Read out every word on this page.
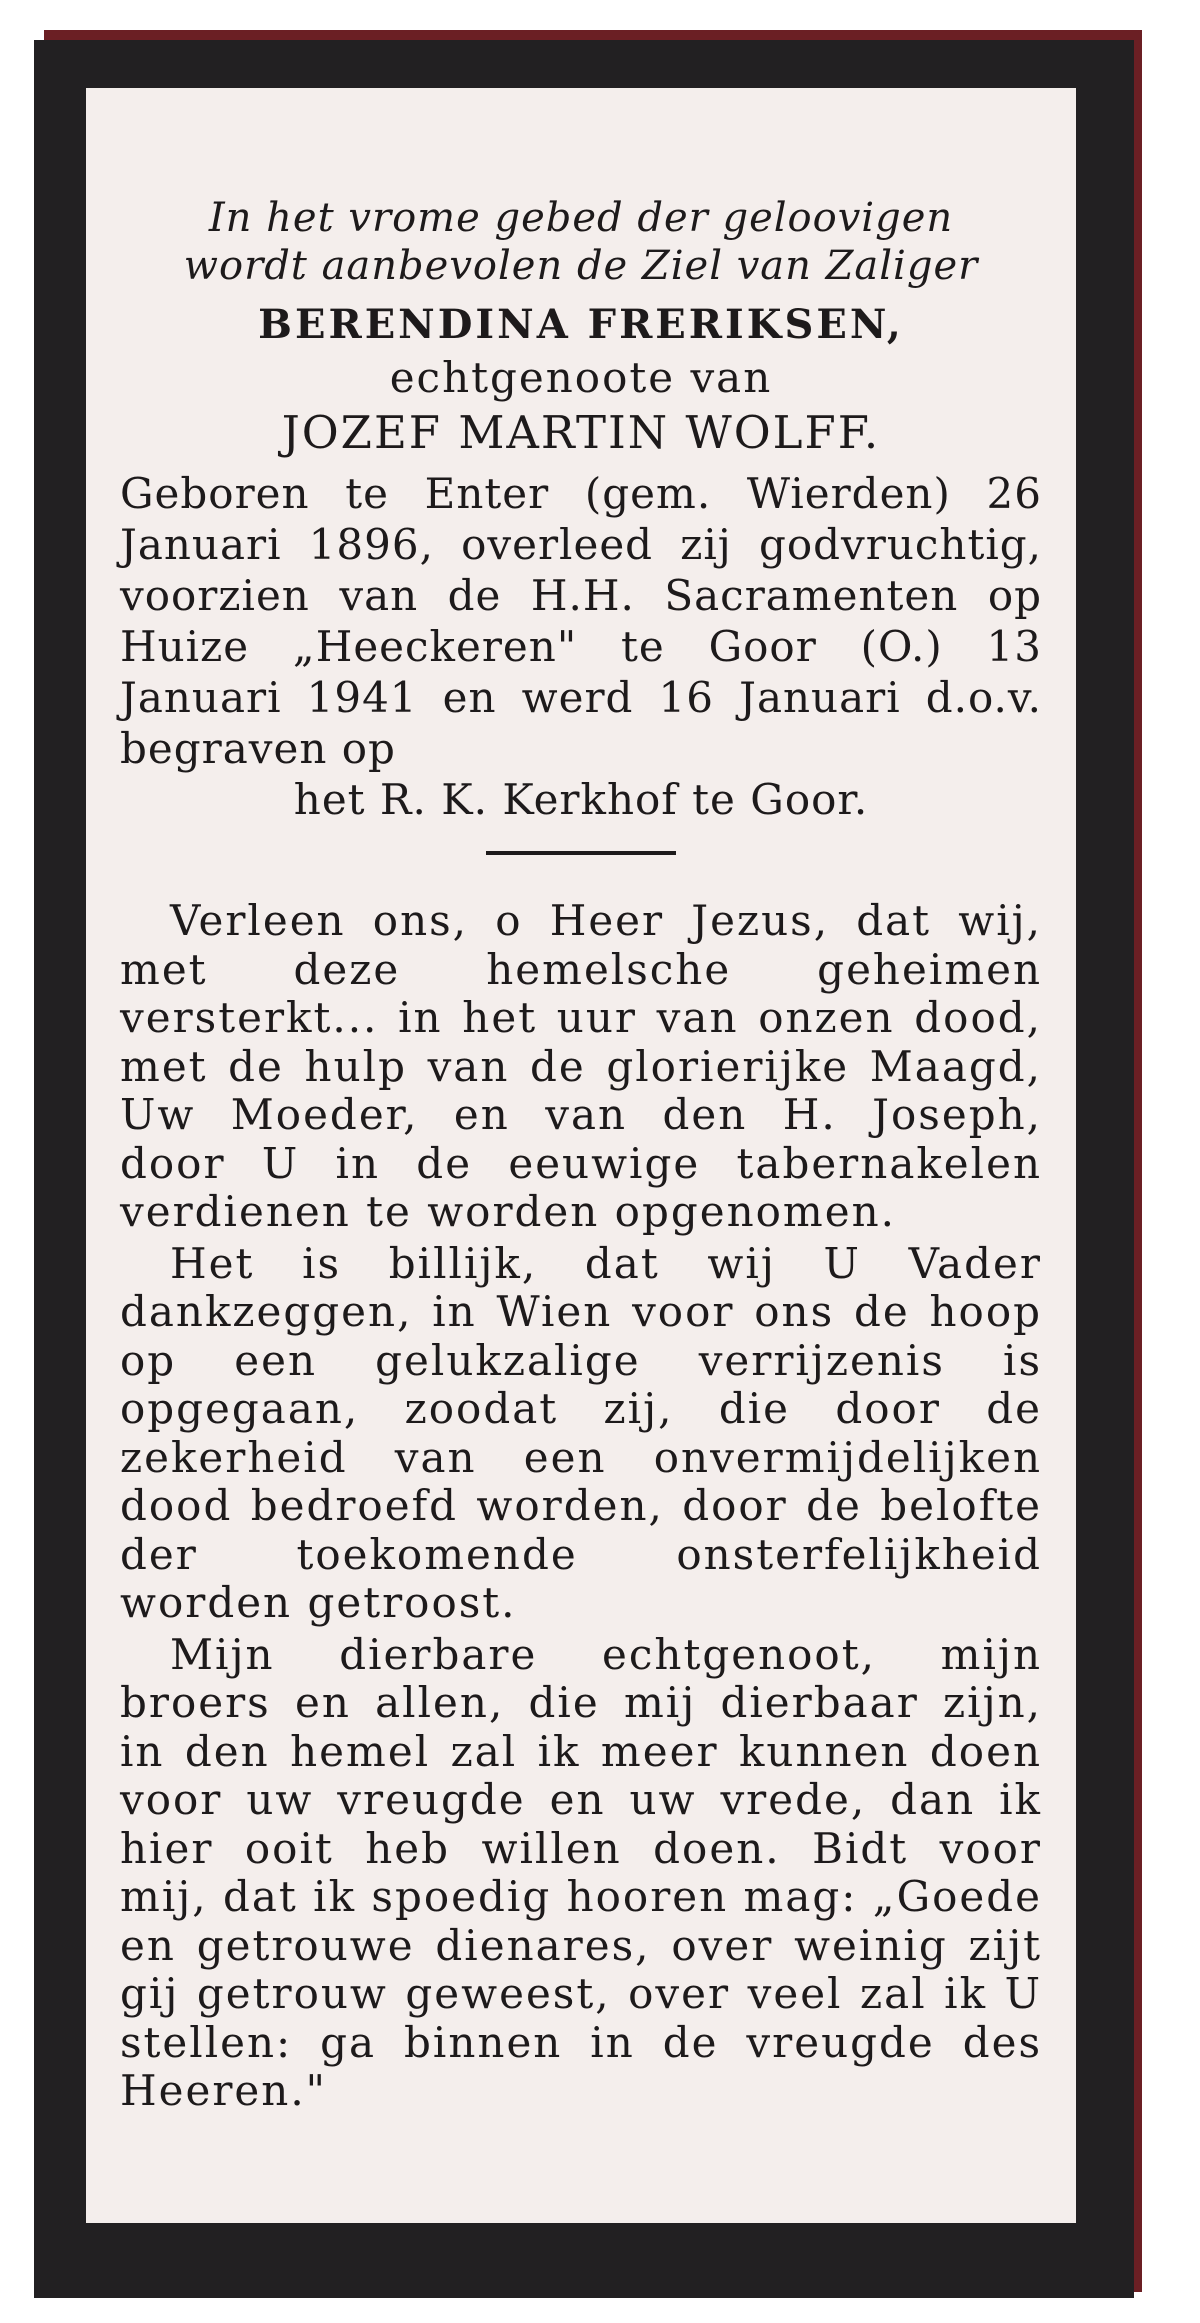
In het vrome gebed der geloovigen
wordt aanbevolen de Ziel van Zaliger
BERENDINA FRERIKSEN,
echtgenoote van
JOZEF MARTIN WOLFF.
Geboren te Enter (gem. Wierden) 26 Januari 1896, overleed zij godvruchtig, voorzien van de H.H. Sacramenten op Huize „Heeckeren" te Goor (O.) 13 Januari 1941 en werd 16 Januari d.o.v. begraven op
het R. K. Kerkhof te Goor.

Verleen ons, o Heer Jezus, dat wij, met deze hemelsche geheimen versterkt... in het uur van onzen dood, met de hulp van de glorierijke Maagd, Uw Moeder, en van den H. Joseph, door U in de eeuwige tabernakelen verdienen te worden opgenomen.

Het is billijk, dat wij U Vader dankzeggen, in Wien voor ons de hoop op een gelukzalige verrijzenis is opgegaan, zoodat zij, die door de zekerheid van een onvermijdelijken dood bedroefd worden, door de belofte der toekomende onsterfelijkheid worden getroost.

Mijn dierbare echtgenoot, mijn broers en allen, die mij dierbaar zijn, in den hemel zal ik meer kunnen doen voor uw vreugde en uw vrede, dan ik hier ooit heb willen doen. Bidt voor mij, dat ik spoedig hooren mag: „Goede en getrouwe dienares, over weinig zijt gij getrouw geweest, over veel zal ik U stellen: ga binnen in de vreugde des Heeren."
